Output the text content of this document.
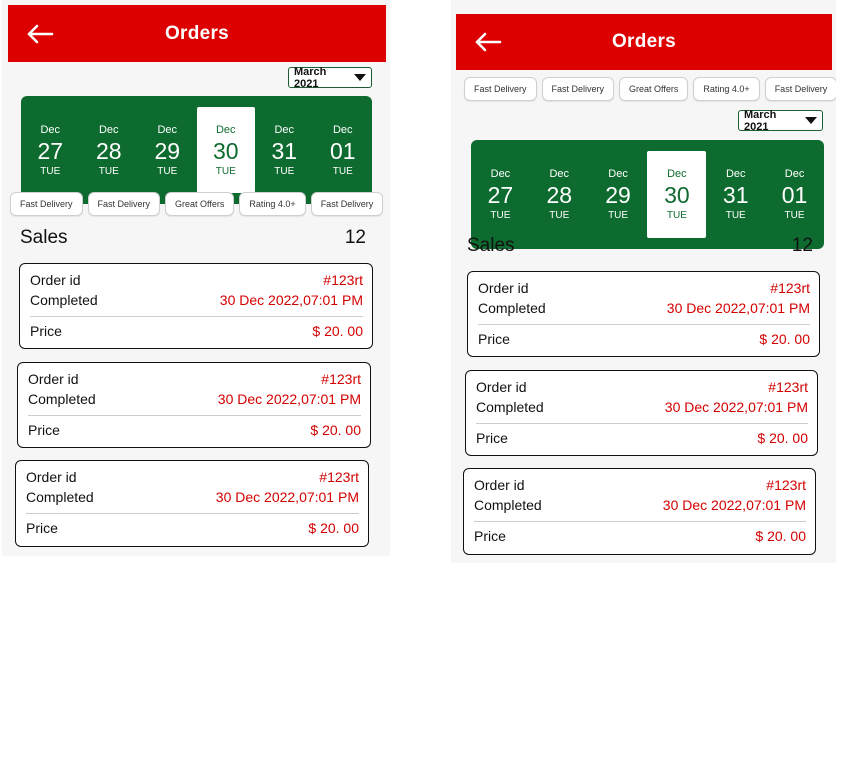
Orders
March 2021
Dec
27
TUE
Dec
28
TUE
Dec
29
TUE
Dec
30
TUE
Dec
31
TUE
Dec
01
TUE
Fast Delivery	Fast Delivery	Great Offers	Rating 4.0+	Fast Delivery
Sales	12
Order id	#123rt
Completed	30 Dec 2022,07:01 PM
Price	$ 20. 00
Order id	#123rt
Completed	30 Dec 2022,07:01 PM
Price	$ 20. 00
Order id	#123rt
Completed	30 Dec 2022,07:01 PM
Price	$ 20. 00
Orders
Fast Delivery	Fast Delivery	Great Offers	Rating 4.0+	Fast Delivery
March 2021
Dec
27
TUE
Dec
28
TUE
Dec
29
TUE
Dec
30
TUE
Dec
31
TUE
Dec
01
TUE
Sales	12
Order id	#123rt
Completed	30 Dec 2022,07:01 PM
Price	$ 20. 00
Order id	#123rt
Completed	30 Dec 2022,07:01 PM
Price	$ 20. 00
Order id	#123rt
Completed	30 Dec 2022,07:01 PM
Price	$ 20. 00
